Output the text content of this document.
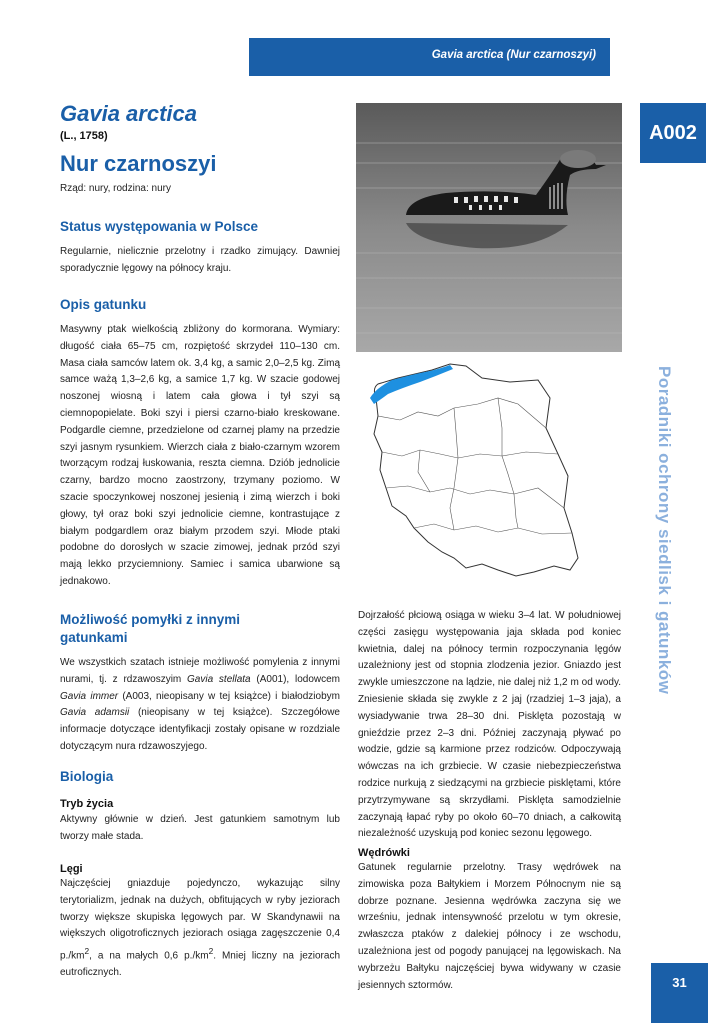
Gavia arctica (Nur czarnoszyi)
Gavia arctica
(L., 1758)
Nur czarnoszyi
Rząd: nury, rodzina: nury
A002
Poradniki ochrony siedlisk i gatunków
31
Status występowania w Polsce
Regularnie, nielicznie przelotny i rzadko zimujący. Dawniej sporadycznie lęgowy na północy kraju.
Opis gatunku
Masywny ptak wielkością zbliżony do kormorana. Wymiary: długość ciała 65–75 cm, rozpiętość skrzydeł 110–130 cm. Masa ciała samców latem ok. 3,4 kg, a samic 2,0–2,5 kg. Zimą samce ważą 1,3–2,6 kg, a samice 1,7 kg. W szacie godowej noszonej wiosną i latem cała głowa i tył szyi są ciemnopopielate. Boki szyi i piersi czarno-biało kreskowane. Podgardle ciemne, przedzielone od czarnej plamy na przedzie szyi jasnym rysunkiem. Wierzch ciała z biało-czarnym wzorem tworzącym rodzaj łuskowania, reszta ciemna. Dziób jednolicie czarny, bardzo mocno zaostrzony, trzymany poziomo. W szacie spoczynkowej noszonej jesienią i zimą wierzch i boki głowy, tył oraz boki szyi jednolicie ciemne, kontrastujące z białym podgardlem oraz białym przodem szyi. Młode ptaki podobne do dorosłych w szacie zimowej, jednak przód szyi mają lekko przyciemniony. Samiec i samica ubarwione są jednakowo.
Możliwość pomyłki z innymi
gatunkami
We wszystkich szatach istnieje możliwość pomylenia z innymi nurami, tj. z rdzawoszyim Gavia stellata (A001), lodowcem Gavia immer (A003, nieopisany w tej książce) i białodziobym Gavia adamsii (nieopisany w tej książce). Szczegółowe informacje dotyczące identyfikacji zostały opisane w rozdziale dotyczącym nura rdzawoszyjego.
Biologia
Tryb życia
Aktywny głównie w dzień. Jest gatunkiem samotnym lub tworzy małe stada.
Lęgi
Najczęściej gniazduje pojedynczo, wykazując silny terytorializm, jednak na dużych, obfitujących w ryby jeziorach tworzy większe skupiska lęgowych par. W Skandynawii na większych oligotroficznych jeziorach osiąga zagęszczenie 0,4 $p./km^2$, a na małych 0,6 $p./km^2$. Mniej liczny na jeziorach eutroficznych.
Dojrzałość płciową osiąga w wieku 3–4 lat. W południowej części zasięgu występowania jaja składa pod koniec kwietnia, dalej na północy termin rozpoczynania lęgów uzależniony jest od stopnia zlodzenia jezior. Gniazdo jest zwykle umieszczone na lądzie, nie dalej niż 1,2 m od wody. Zniesienie składa się zwykle z 2 jaj (rzadziej 1–3 jaja), a wysiadywanie trwa 28–30 dni. Pisklęta pozostają w gnieździe przez 2–3 dni. Później zaczynają pływać po wodzie, gdzie są karmione przez rodziców. Odpoczywają wówczas na ich grzbiecie. W czasie niebezpieczeństwa rodzice nurkują z siedzącymi na grzbiecie pisklętami, które przytrzymywane są skrzydłami. Pisklęta samodzielnie zaczynają łapać ryby po około 60–70 dniach, a całkowitą niezależność uzyskują pod koniec sezonu lęgowego.
Wędrówki
Gatunek regularnie przelotny. Trasy wędrówek na zimowiska poza Bałtykiem i Morzem Północnym nie są dobrze poznane. Jesienna wędrówka zaczyna się we wrześniu, jednak intensywność przelotu w tym okresie, zwłaszcza ptaków z dalekiej północy i ze wschodu, uzależniona jest od pogody panującej na lęgowiskach. Na wybrzeżu Bałtyku najczęściej bywa widywany w czasie jesiennych sztormów.
